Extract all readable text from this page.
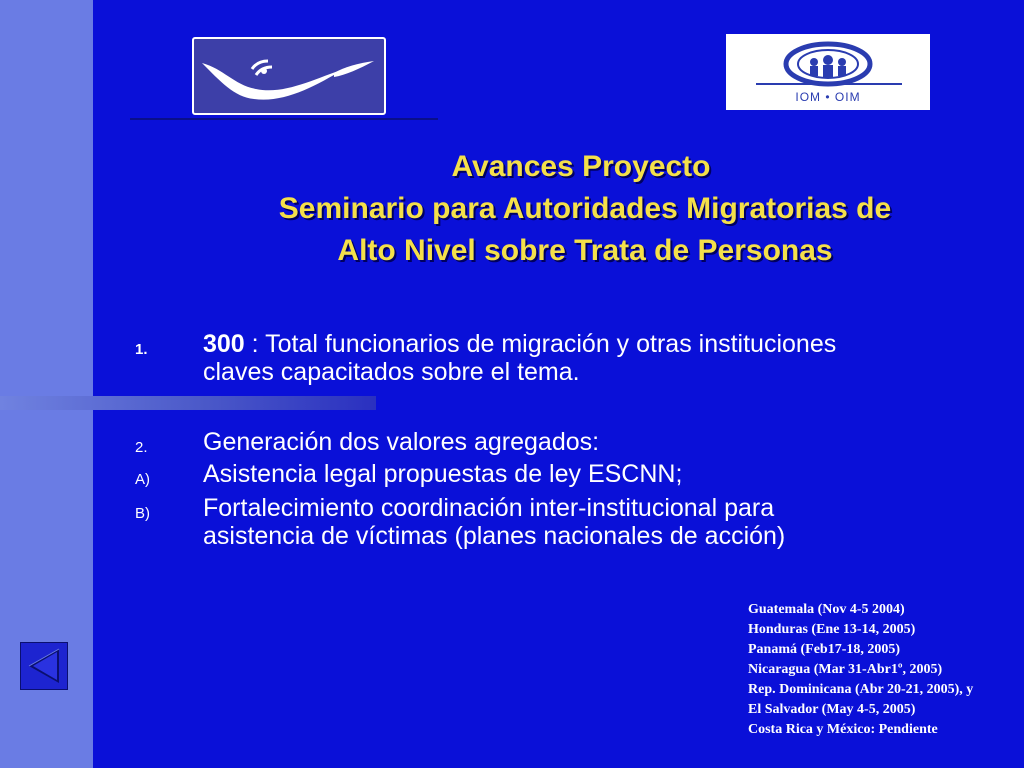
IOM • OIM
Avances Proyecto
Seminario para Autoridades Migratorias de
Alto Nivel sobre Trata de Personas
1.	300 : Total funcionarios de migración y otras instituciones claves capacitados sobre el tema.
2.	Generación dos valores agregados:
A)	Asistencia legal propuestas de ley ESCNN;
B)	Fortalecimiento coordinación inter-institucional para asistencia de víctimas (planes nacionales de acción)
Guatemala (Nov 4-5 2004)
Honduras (Ene 13-14, 2005)
Panamá (Feb17-18, 2005)
Nicaragua (Mar 31-Abr1º, 2005)
Rep. Dominicana (Abr 20-21, 2005), y
El Salvador (May 4-5, 2005)
Costa Rica y México: Pendiente
